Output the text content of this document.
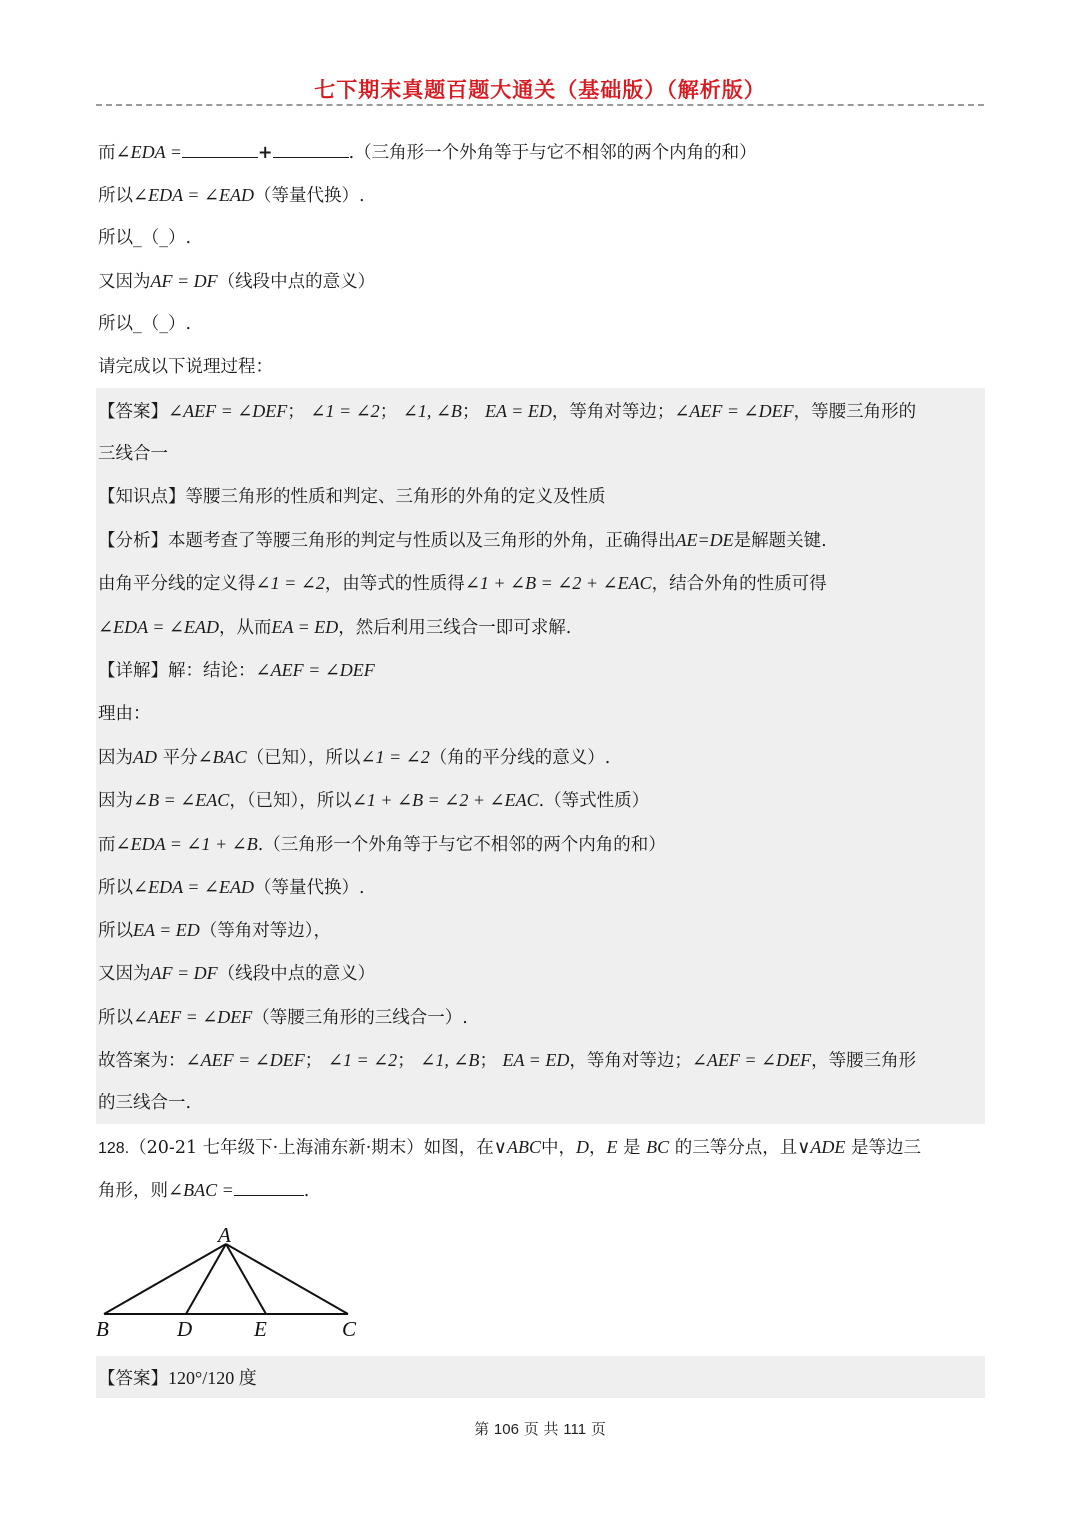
七下期末真题百题大通关（基础版）（解析版）
而∠EDA =	+	.（三角形一个外角等于与它不相邻的两个内角的和）
所以∠EDA = ∠EAD（等量代换）.
所以_（_）.
又因为AF = DF（线段中点的意义）
所以_（_）.
请完成以下说理过程：
【答案】∠AEF = ∠DEF； ∠1 = ∠2； ∠1, ∠B； EA = ED，等角对等边；∠AEF = ∠DEF，等腰三角形的
三线合一
【知识点】等腰三角形的性质和判定、三角形的外角的定义及性质
【分析】本题考查了等腰三角形的判定与性质以及三角形的外角，正确得出AE=DE是解题关键.
由角平分线的定义得∠1 = ∠2，由等式的性质得∠1 + ∠B = ∠2 + ∠EAC，结合外角的性质可得
∠EDA = ∠EAD，从而EA = ED，然后利用三线合一即可求解.
【详解】解：结论：∠AEF = ∠DEF
理由：
因为AD 平分∠BAC（已知），所以∠1 = ∠2（角的平分线的意义）.
因为∠B = ∠EAC，（已知），所以∠1 + ∠B = ∠2 + ∠EAC.（等式性质）
而∠EDA = ∠1 + ∠B.（三角形一个外角等于与它不相邻的两个内角的和）
所以∠EDA = ∠EAD（等量代换）.
所以EA = ED（等角对等边），
又因为AF = DF（线段中点的意义）
所以∠AEF = ∠DEF（等腰三角形的三线合一）.
故答案为：∠AEF = ∠DEF； ∠1 = ∠2； ∠1, ∠B； EA = ED，等角对等边；∠AEF = ∠DEF，等腰三角形
的三线合一.
128.（20-21 七年级下·上海浦东新·期末）如图，在∨ABC中，D，E 是 BC 的三等分点，且∨ADE 是等边三
角形，则∠BAC =	.
A
B	D	E	C
【答案】120°/120 度
第 106 页 共 111 页
